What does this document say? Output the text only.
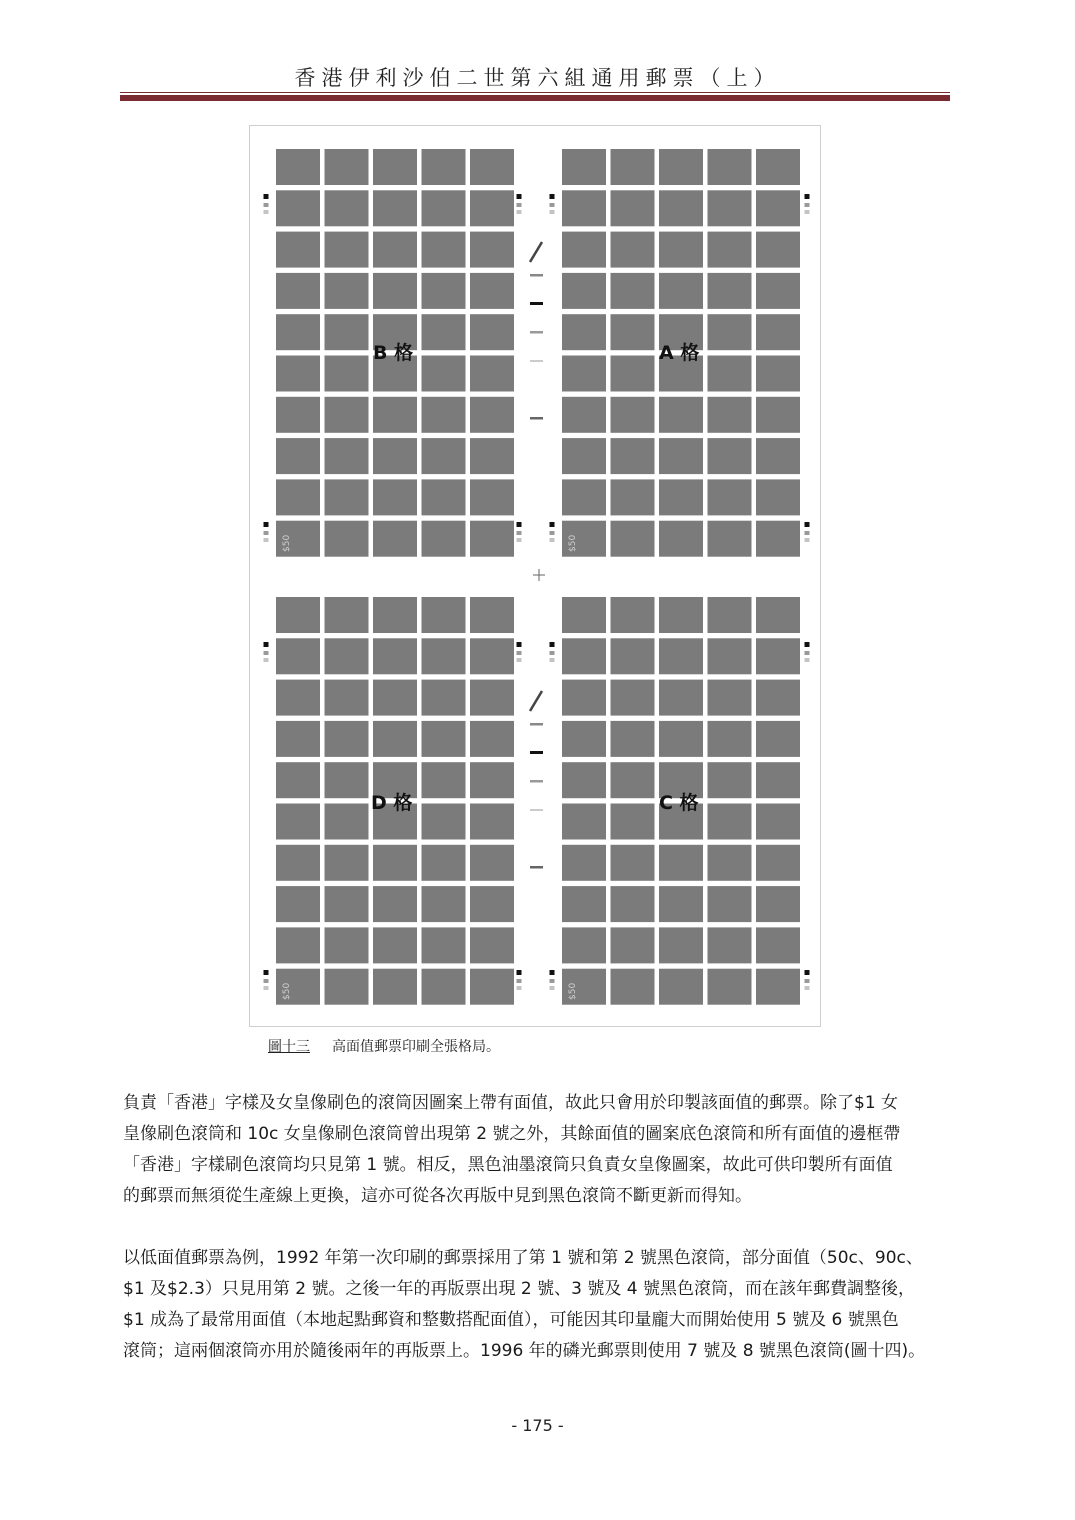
香港伊利沙伯二世第六組通用郵票（上）
B 格	A 格
D 格	C 格
$50	$50
$50	$50
圖十三 高面值郵票印刷全張格局。
負責「香港」字樣及女皇像刷色的滾筒因圖案上帶有面值，故此只會用於印製該面值的郵票。除了$1 女
皇像刷色滾筒和 10c 女皇像刷色滾筒曾出現第 2 號之外，其餘面值的圖案底色滾筒和所有面值的邊框帶
「香港」字樣刷色滾筒均只見第 1 號。相反，黑色油墨滾筒只負責女皇像圖案，故此可供印製所有面值
的郵票而無須從生產線上更換，這亦可從各次再版中見到黑色滾筒不斷更新而得知。
以低面值郵票為例，1992 年第一次印刷的郵票採用了第 1 號和第 2 號黑色滾筒，部分面值（50c、90c、
$1 及$2.3）只見用第 2 號。之後一年的再版票出現 2 號、3 號及 4 號黑色滾筒，而在該年郵費調整後，
$1 成為了最常用面值（本地起點郵資和整數搭配面值），可能因其印量龐大而開始使用 5 號及 6 號黑色
滾筒；這兩個滾筒亦用於隨後兩年的再版票上。1996 年的磷光郵票則使用 7 號及 8 號黑色滾筒(圖十四)。
- 175 -
